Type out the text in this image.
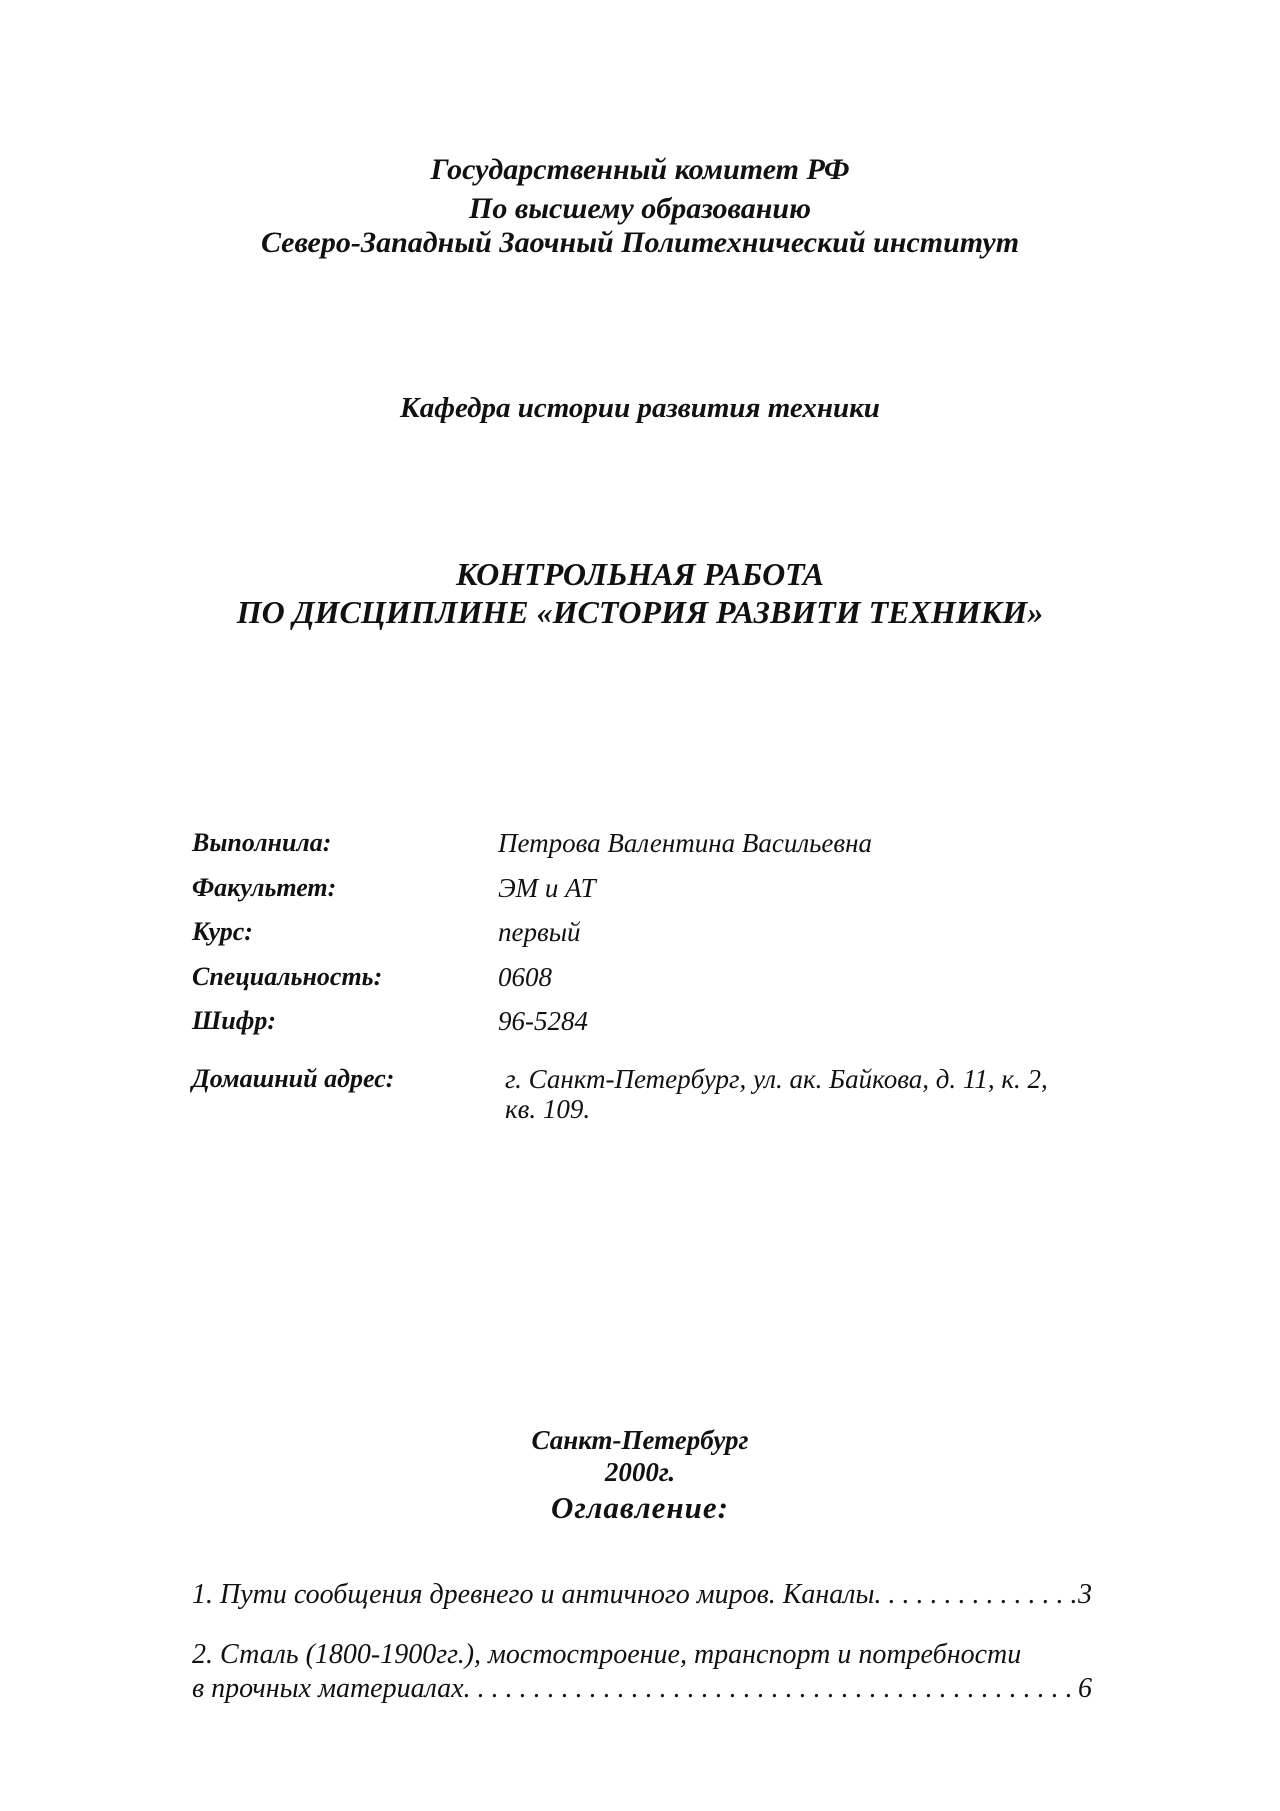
Государственный комитет РФ
По высшему образованию
Северо-Западный Заочный Политехнический институт
Кафедра истории развития техники
КОНТРОЛЬНАЯ РАБОТА
ПО ДИСЦИПЛИНЕ «ИСТОРИЯ РАЗВИТИ ТЕХНИКИ»
Выполнила:	Петрова Валентина Васильевна
Факультет:	ЭМ и АТ
Курс:	первый
Специальность:	0608
Шифр:	96-5284
Домашний адрес:	г. Санкт-Петербург, ул. ак. Байкова, д. 11, к. 2,
кв. 109.
Санкт-Петербург
2000г.
Оглавление:
1. Пути сообщения древнего и античного миров. Каналы . . .	3
2. Сталь (1800-1900гг.), мостостроение, транспорт и потребности
в прочных материалах . . .	6
